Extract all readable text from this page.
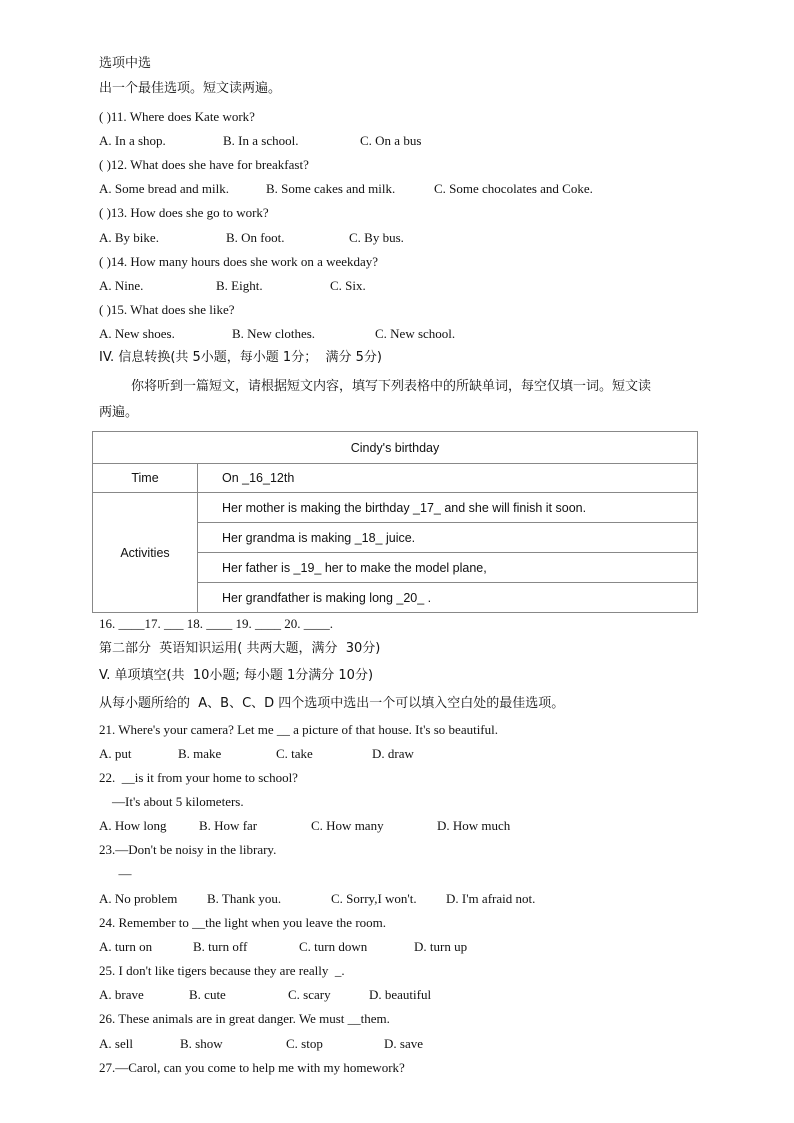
选项中选
出一个最佳选项。短文读两遍。
( )11. Where does Kate work?
A. In a shop.	B. In a school.	C. On a bus
( )12. What does she have for breakfast?
A. Some bread and milk.	B. Some cakes and milk.	C. Some chocolates and Coke.
( )13. How does she go to work?
A. By bike.	B. On foot.	C. By bus.
( )14. How many hours does she work on a weekday?
A. Nine.	B. Eight.	C. Six.
( )15. What does she like?
A. New shoes.	B. New clothes.	C. New school.
IV. 信息转换(共 5小题，每小题 1分；  满分 5分)
你将听到一篇短文，请根据短文内容，填写下列表格中的所缺单词，每空仅填一词。短文读
两遍。
Cindy's birthday	
Time	On _16_12th
Activities	Her mother is making the birthday _17_ and she will finish it soon.
	Her grandma is making _18_ juice.
	Her father is _19_ her to make the model plane,
	Her grandfather is making long _20_ .
16. ____17. ___ 18. ____ 19. ____ 20. ____.
第二部分  英语知识运用( 共两大题，满分  30分)
V. 单项填空(共  10小题; 每小题 1分满分 10分)
从每小题所给的  A、B、C、D 四个选项中选出一个可以填入空白处的最佳选项。
21. Where's your camera? Let me __ a picture of that house. It's so beautiful.
A. put	B. make	C. take	D. draw
22.  __is it from your home to school?
—It's about 5 kilometers.
A. How long B. How far	C. How many	D. How much
23.—Don't be noisy in the library.
—
A. No problem B. Thank you.	C. Sorry,I won't. D. I'm afraid not.
24. Remember to __the light when you leave the room.
A. turn on	B. turn off	C. turn down	D. turn up
25. I don't like tigers because they are really  _.
A. brave	B. cute	C. scary	D. beautiful
26. These animals are in great danger. We must __them.
A. sell	B. show	C. stop	D. save
27.—Carol, can you come to help me with my homework?
